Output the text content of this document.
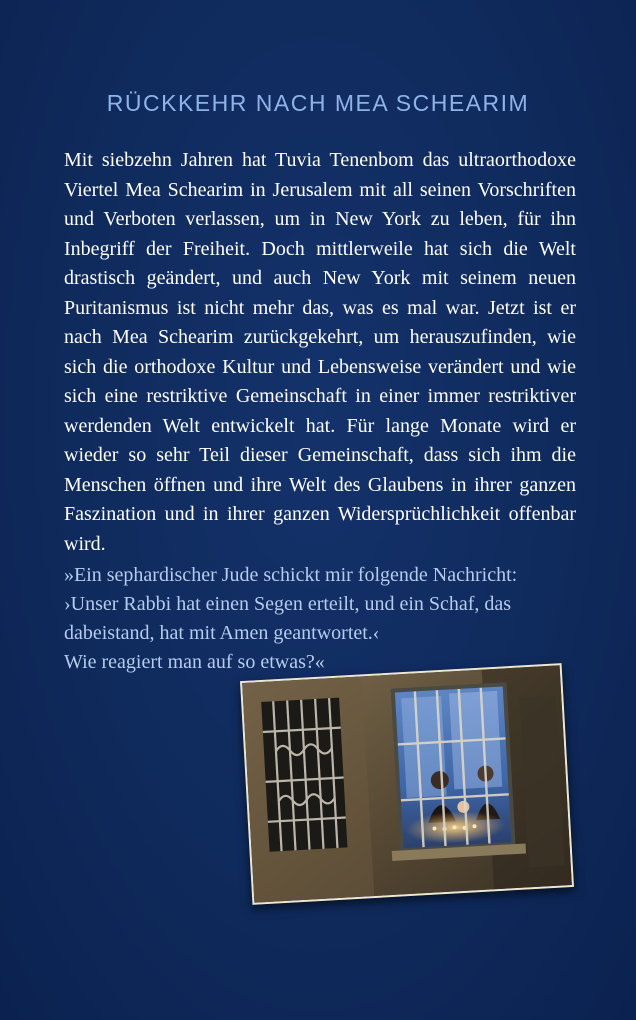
RÜCKKEHR NACH MEA SCHEARIM

Mit siebzehn Jahren hat Tuvia Tenenbom das ultraorthodoxe Viertel Mea Schearim in Jerusalem mit all seinen Vorschriften und Verboten verlassen, um in New York zu leben, für ihn Inbegriff der Freiheit. Doch mittlerweile hat sich die Welt drastisch geändert, und auch New York mit seinem neuen Puritanismus ist nicht mehr das, was es mal war. Jetzt ist er nach Mea Schearim zurückgekehrt, um herauszufinden, wie sich die orthodoxe Kultur und Lebensweise verändert und wie sich eine restriktive Gemeinschaft in einer immer restriktiver werdenden Welt entwickelt hat. Für lange Monate wird er wieder so sehr Teil dieser Gemeinschaft, dass sich ihm die Menschen öffnen und ihre Welt des Glaubens in ihrer ganzen Faszination und in ihrer ganzen Widersprüchlichkeit offenbar wird.

»Ein sephardischer Jude schickt mir folgende Nachricht:
›Unser Rabbi hat einen Segen erteilt, und ein Schaf, das
dabeistand, hat mit Amen geantwortet.‹
Wie reagiert man auf so etwas?«
